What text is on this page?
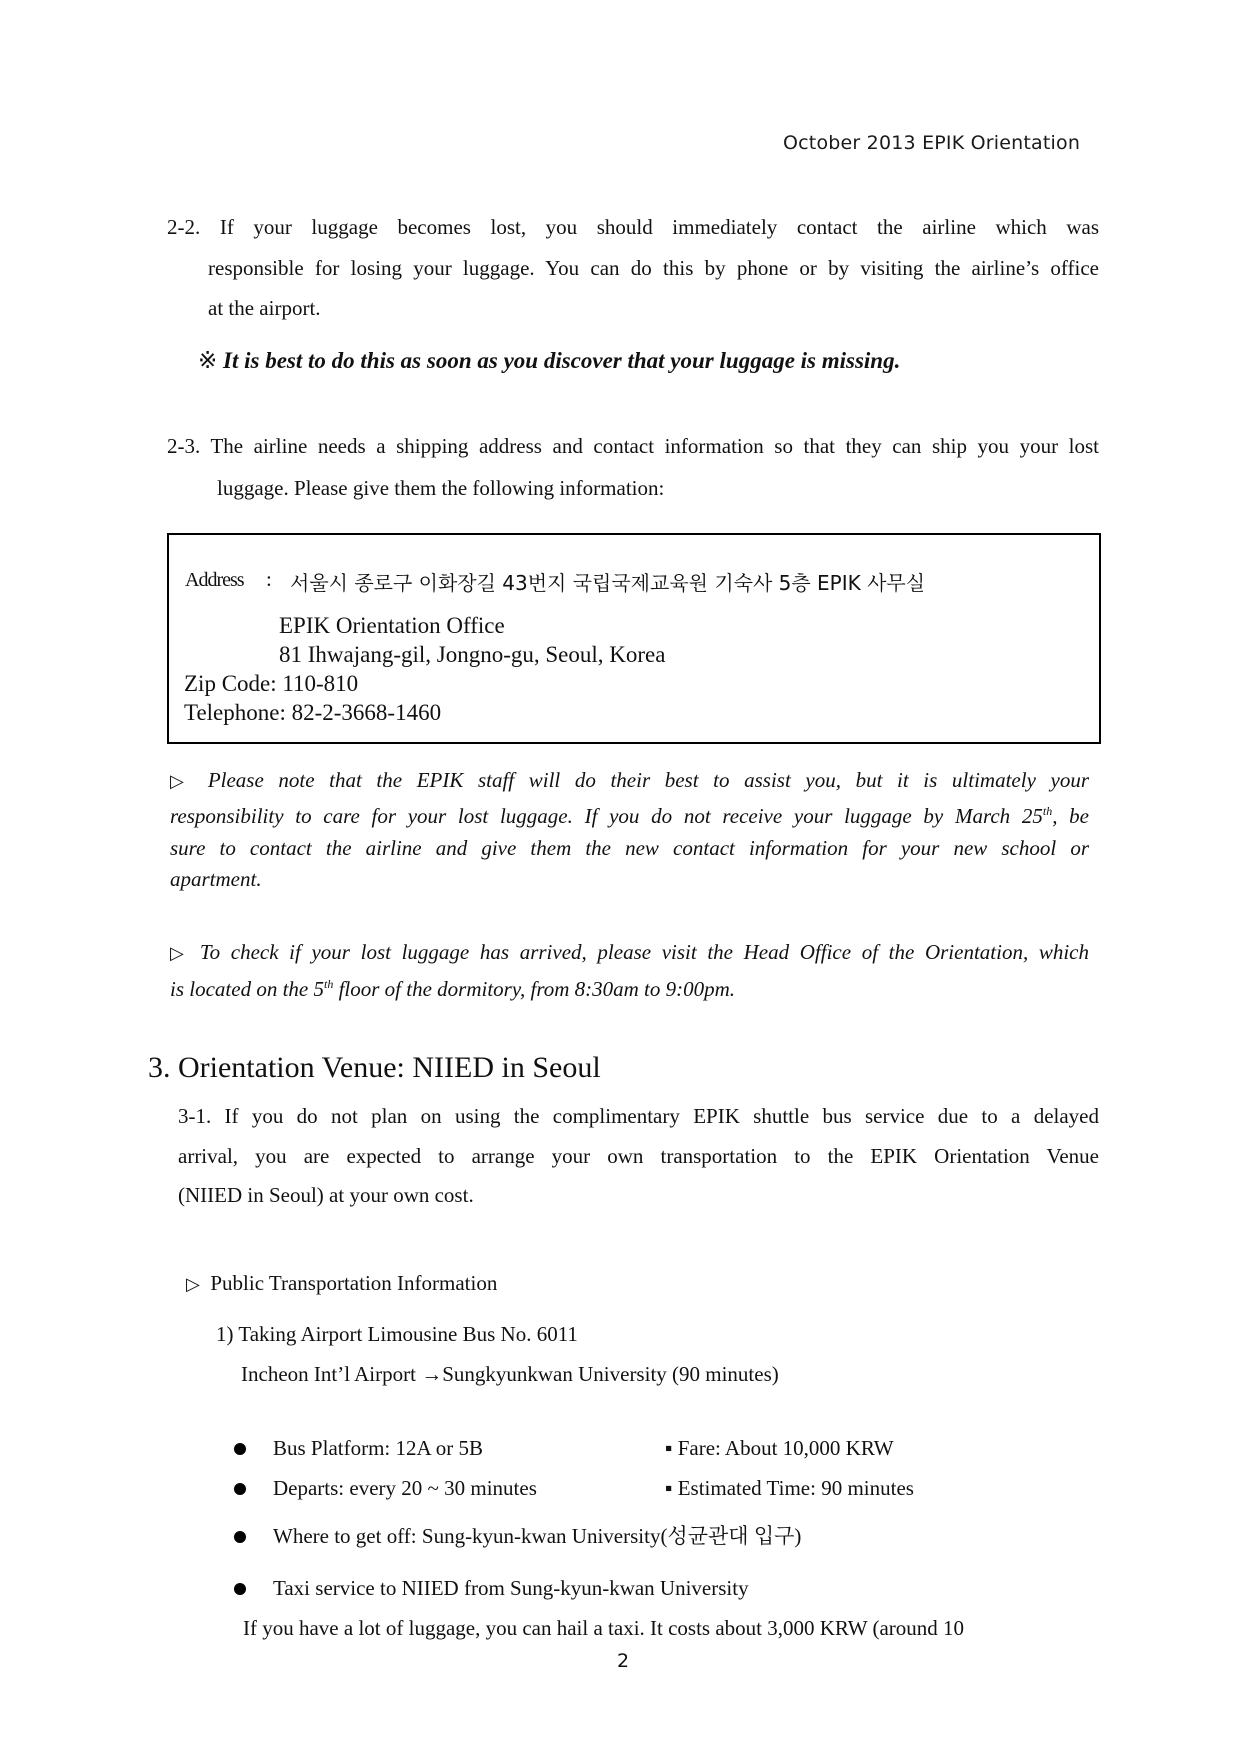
October 2013 EPIK Orientation
2-2. If your luggage becomes lost, you should immediately contact the airline which was
responsible for losing your luggage. You can do this by phone or by visiting the airline’s office
at the airport.
※ It is best to do this as soon as you discover that your luggage is missing.
2-3. The airline needs a shipping address and contact information so that they can ship you your lost
luggage. Please give them the following information:
Address : 서울시 종로구 이화장길 43번지 국립국제교육원 기숙사 5층 EPIK 사무실
EPIK Orientation Office
81 Ihwajang-gil, Jongno-gu, Seoul, Korea
Zip Code: 110-810
Telephone: 82-2-3668-1460
▷ Please note that the EPIK staff will do their best to assist you, but it is ultimately your
responsibility to care for your lost luggage. If you do not receive your luggage by March 25th, be
sure to contact the airline and give them the new contact information for your new school or
apartment.
▷ To check if your lost luggage has arrived, please visit the Head Office of the Orientation, which
is located on the 5th floor of the dormitory, from 8:30am to 9:00pm.
3. Orientation Venue: NIIED in Seoul
3-1. If you do not plan on using the complimentary EPIK shuttle bus service due to a delayed
arrival, you are expected to arrange your own transportation to the EPIK Orientation Venue
(NIIED in Seoul) at your own cost.
▷ Public Transportation Information
1) Taking Airport Limousine Bus No. 6011
Incheon Int’l Airport →Sungkyunkwan University (90 minutes)
Bus Platform: 12A or 5B	▪ Fare: About 10,000 KRW
Departs: every 20 ~ 30 minutes	▪ Estimated Time: 90 minutes
Where to get off: Sung-kyun-kwan University(성균관대 입구)
Taxi service to NIIED from Sung-kyun-kwan University
If you have a lot of luggage, you can hail a taxi. It costs about 3,000 KRW (around 10
2
